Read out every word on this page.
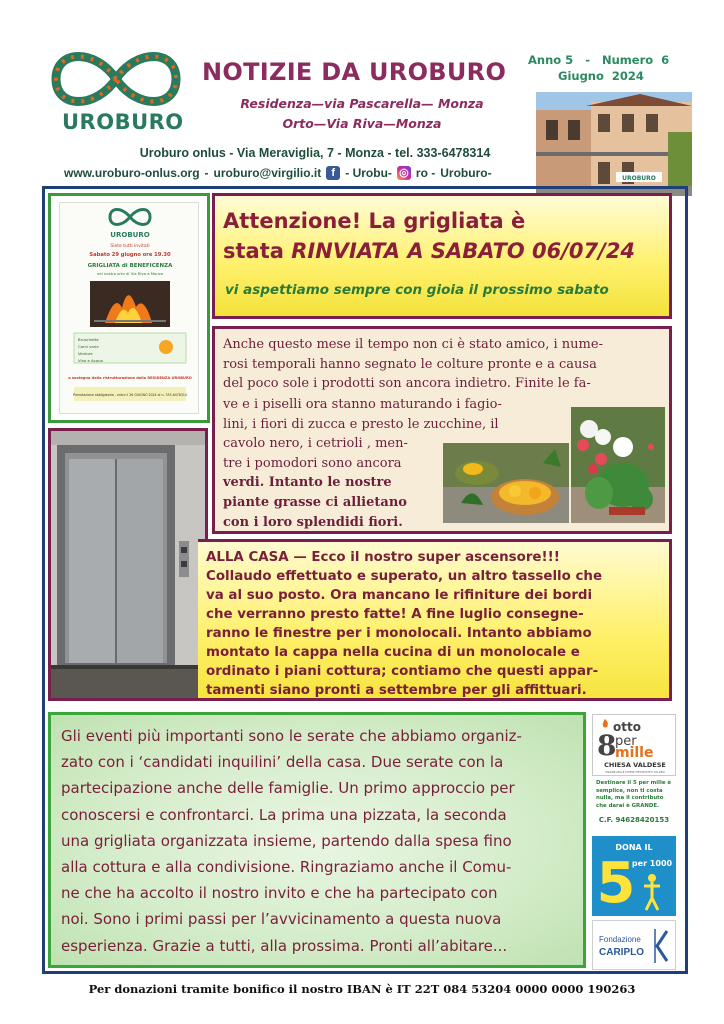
UROBURO
NOTIZIE DA UROBURO
Residenza—via Pascarella— Monza
Orto—Via Riva—Monza
Anno 5   -   Numero  6
Giugno  2024
UROBURO
Uroburo onlus - Via Meraviglia, 7 - Monza - tel. 333-6478314
www.uroburo-onlus.org - uroburo@virgilio.it f - Urobu- ◎ ro - Uroburo-
UROBURO
Siete tutti invitati
Sabato 29 giugno ore 19.30
GRIGLIATA di BENEFICENZA
nel nostro orto di Via Riva a Monza
Bruschette
Carni varie
Verdure
Vino e Acqua
a sostegno della ristrutturazione della RESIDENZA UROBURO
Prenotazione obbligatoria - entro il 26 GIUGNO 2024 al n. 333-6478314
Attenzione! La grigliata è
stata RINVIATA A SABATO 06/07/24
vi aspettiamo sempre con gioia il prossimo sabato
Anche questo mese il tempo non ci è stato amico, i nume-
rosi temporali hanno segnato le colture pronte e a causa
del poco sole i prodotti son ancora indietro. Finite le fa-
ve e i piselli ora stanno maturando i fagio-
lini, i fiori di zucca e presto le zucchine, il
cavolo nero, i cetrioli , men-
tre i pomodori sono ancora
verdi. Intanto le nostre
piante grasse ci allietano
con i loro splendidi fiori.
ALLA CASA — Ecco il nostro super ascensore!!!
Collaudo effettuato e superato, un altro tassello che
va al suo posto. Ora mancano le rifiniture dei bordi
che verranno presto fatte! A fine luglio consegne-
ranno le finestre per i monolocali. Intanto abbiamo
montato la cappa nella cucina di un monolocale e
ordinato i piani cottura; contiamo che questi appar-
tamenti siano pronti a settembre per gli affittuari.
Gli eventi più importanti sono le serate che abbiamo organiz-
zato con i ‘candidati inquilini’ della casa. Due serate con la
partecipazione anche delle famiglie. Un primo approccio per
conoscersi e confrontarci. La prima una pizzata, la seconda
una grigliata organizzata insieme, partendo dalla spesa fino
alla cottura e alla condivisione. Ringraziamo anche il Comu-
ne che ha accolto il nostro invito e che ha partecipato con
noi. Sono i primi passi per l’avvicinamento a questa nuova
esperienza. Grazie a tutti, alla prossima. Pronti all’abitare...
otto
8
per
mille
CHIESA VALDESE
UNIONE DELLE CHIESE METODISTE E VALDESI
Destinare il 5 per mille è semplice, non ti costa nulla, ma il contributo che darai è GRANDE.
C.F. 94628420153
DONA IL
5
per 1000
Fondazione
CARIPLO
Per donazioni tramite bonifico il nostro IBAN è IT 22T 084 53204 0000 0000 190263
